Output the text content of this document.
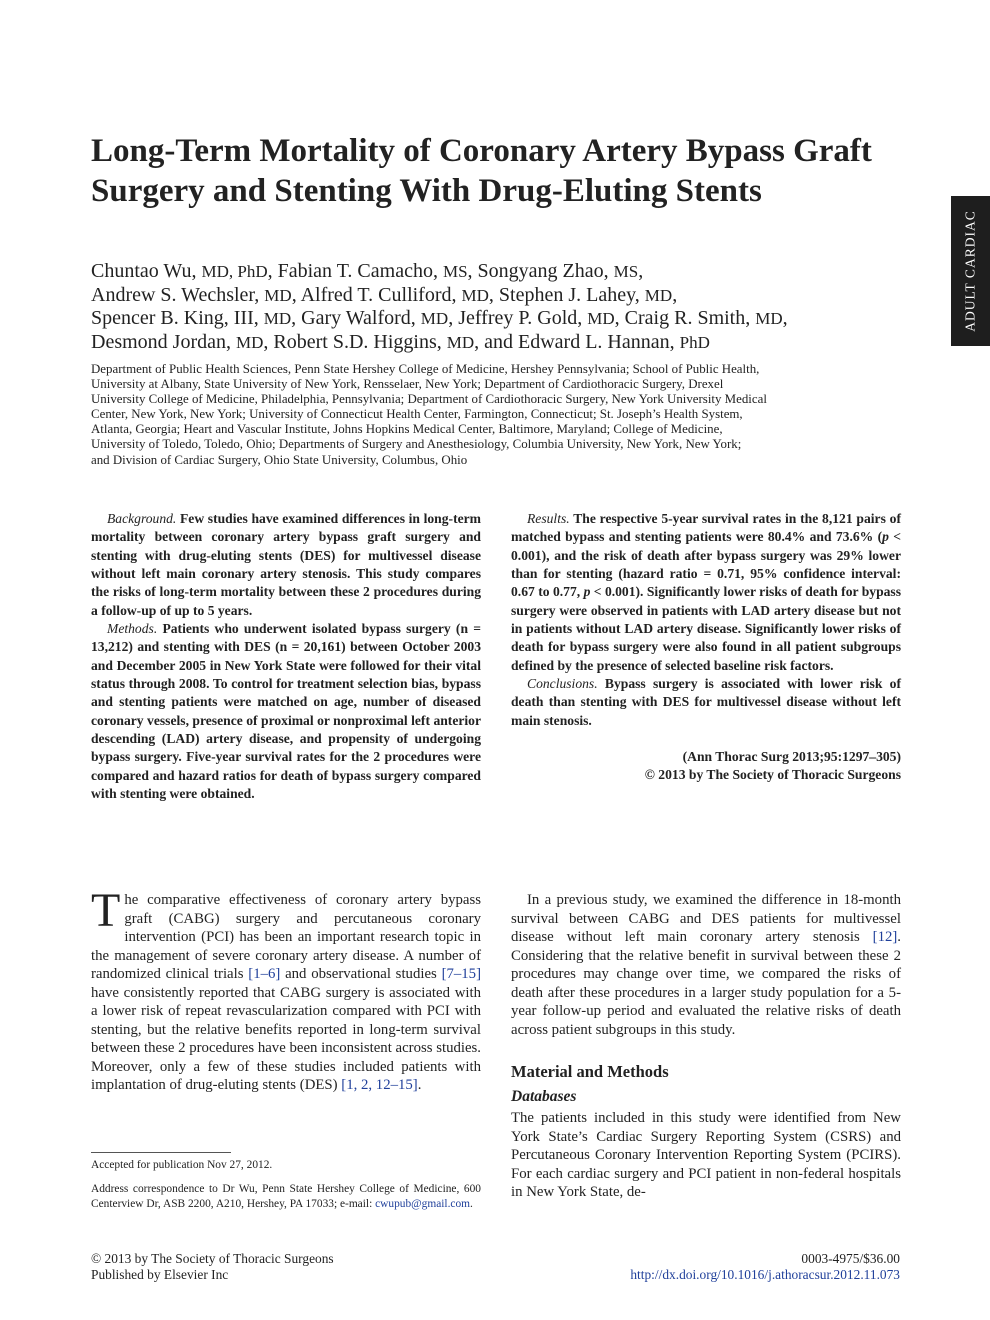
Long-Term Mortality of Coronary Artery Bypass Graft Surgery and Stenting With Drug-Eluting Stents
ADULT CARDIAC
Chuntao Wu, MD, PhD, Fabian T. Camacho, MS, Songyang Zhao, MS,
Andrew S. Wechsler, MD, Alfred T. Culliford, MD, Stephen J. Lahey, MD,
Spencer B. King, III, MD, Gary Walford, MD, Jeffrey P. Gold, MD, Craig R. Smith, MD,
Desmond Jordan, MD, Robert S.D. Higgins, MD, and Edward L. Hannan, PhD
Department of Public Health Sciences, Penn State Hershey College of Medicine, Hershey Pennsylvania; School of Public Health,
University at Albany, State University of New York, Rensselaer, New York; Department of Cardiothoracic Surgery, Drexel
University College of Medicine, Philadelphia, Pennsylvania; Department of Cardiothoracic Surgery, New York University Medical
Center, New York, New York; University of Connecticut Health Center, Farmington, Connecticut; St. Joseph’s Health System,
Atlanta, Georgia; Heart and Vascular Institute, Johns Hopkins Medical Center, Baltimore, Maryland; College of Medicine,
University of Toledo, Toledo, Ohio; Departments of Surgery and Anesthesiology, Columbia University, New York, New York;
and Division of Cardiac Surgery, Ohio State University, Columbus, Ohio

Background. Few studies have examined differences in long-term mortality between coronary artery bypass graft surgery and stenting with drug-eluting stents (DES) for multivessel disease without left main coronary artery stenosis. This study compares the risks of long-term mortality between these 2 procedures during a follow-up of up to 5 years.

Methods. Patients who underwent isolated bypass surgery (n = 13,212) and stenting with DES (n = 20,161) between October 2003 and December 2005 in New York State were followed for their vital status through 2008. To control for treatment selection bias, bypass and stenting patients were matched on age, number of diseased coronary vessels, presence of proximal or nonproximal left anterior descending (LAD) artery disease, and propensity of undergoing bypass surgery. Five-year survival rates for the 2 procedures were compared and hazard ratios for death of bypass surgery compared with stenting were obtained.

Results. The respective 5-year survival rates in the 8,121 pairs of matched bypass and stenting patients were 80.4% and 73.6% (p < 0.001), and the risk of death after bypass surgery was 29% lower than for stenting (hazard ratio = 0.71, 95% confidence interval: 0.67 to 0.77, p < 0.001). Significantly lower risks of death for bypass surgery were observed in patients with LAD artery disease but not in patients without LAD artery disease. Significantly lower risks of death for bypass surgery were also found in all patient subgroups defined by the presence of selected baseline risk factors.

Conclusions. Bypass surgery is associated with lower risk of death than stenting with DES for multivessel disease without left main stenosis.

(Ann Thorac Surg 2013;95:1297–305)
© 2013 by The Society of Thoracic Surgeons

The comparative effectiveness of coronary artery bypass graft (CABG) surgery and percutaneous coronary intervention (PCI) has been an important research topic in the management of severe coronary artery disease. A number of randomized clinical trials [1–6] and observational studies [7–15] have consistently reported that CABG surgery is associated with a lower risk of repeat revascularization compared with PCI with stenting, but the relative benefits reported in long-term survival between these 2 procedures have been inconsistent across studies. Moreover, only a few of these studies included patients with implantation of drug-eluting stents (DES) [1, 2, 12–15].

In a previous study, we examined the difference in 18-month survival between CABG and DES patients for multivessel disease without left main coronary artery stenosis [12]. Considering that the relative benefit in survival between these 2 procedures may change over time, we compared the risks of death after these procedures in a larger study population for a 5-year follow-up period and evaluated the relative risks of death across patient subgroups in this study.

Material and Methods
Databases

The patients included in this study were identified from New York State’s Cardiac Surgery Reporting System (CSRS) and Percutaneous Coronary Intervention Reporting System (PCIRS). For each cardiac surgery and PCI patient in non-federal hospitals in New York State, de-

Accepted for publication Nov 27, 2012.

Address correspondence to Dr Wu, Penn State Hershey College of Medicine, 600 Centerview Dr, ASB 2200, A210, Hershey, PA 17033; e-mail: cwupub@gmail.com.

© 2013 by The Society of Thoracic Surgeons
Published by Elsevier Inc
0003-4975/$36.00
http://dx.doi.org/10.1016/j.athoracsur.2012.11.073
